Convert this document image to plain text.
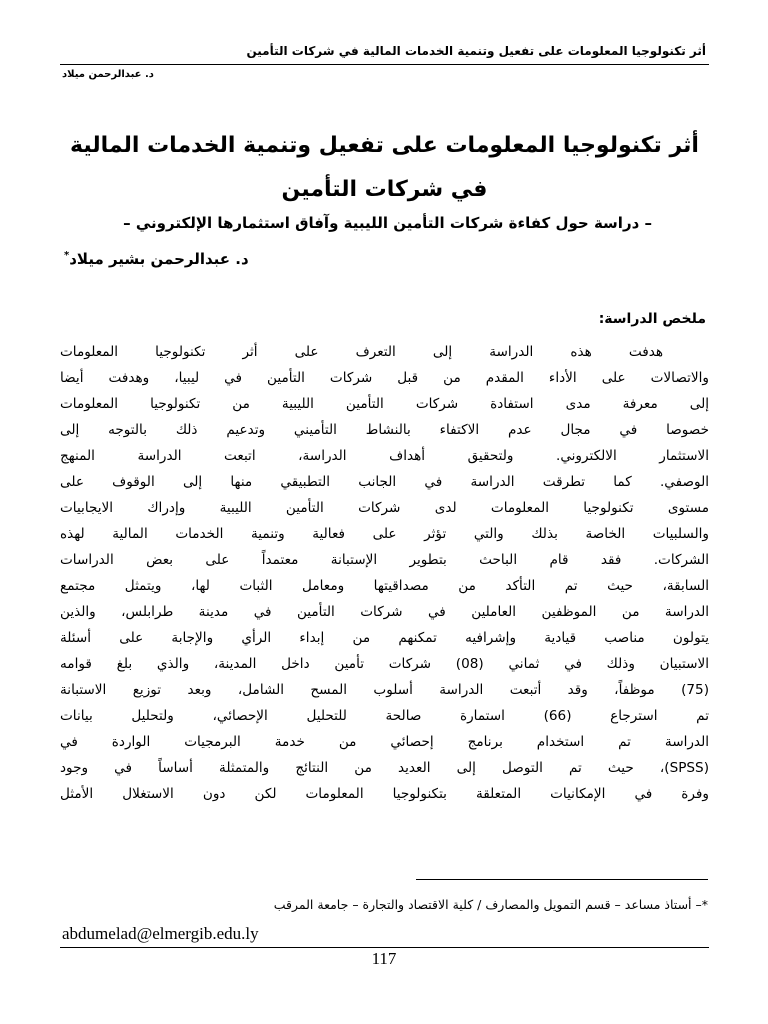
أثر تكنولوجيا المعلومات على تفعيل وتنمية الخدمات المالية في شركات التأمين
د. عبدالرحمن ميلاد
أثر تكنولوجيا المعلومات على تفعيل وتنمية الخدمات المالية
في شركات التأمين
– دراسة حول كفاءة شركات التأمين الليبية وآفاق استثمارها الإلكتروني –
د. عبدالرحمن بشير ميلاد*
ملخص الدراسة:
هدفت هذه الدراسة إلى التعرف على أثر تكنولوجيا المعلومات
والاتصالات على الأداء المقدم من قبل شركات التأمين في ليبيا، وهدفت أيضا
إلى معرفة مدى استفادة شركات التأمين الليبية من تكنولوجيا المعلومات
خصوصا في مجال عدم الاكتفاء بالنشاط التأميني وتدعيم ذلك بالتوجه إلى
الاستثمار الالكتروني. ولتحقيق أهداف الدراسة، اتبعت الدراسة المنهج
الوصفي. كما تطرقت الدراسة في الجانب التطبيقي منها إلى الوقوف على
مستوى تكنولوجيا المعلومات لدى شركات التأمين الليبية وإدراك الايجابيات
والسلبيات الخاصة بذلك والتي تؤثر على فعالية وتنمية الخدمات المالية لهذه
الشركات. فقد قام الباحث بتطوير الإستبانة معتمداً على بعض الدراسات
السابقة، حيث تم التأكد من مصداقيتها ومعامل الثبات لها، ويتمثل مجتمع
الدراسة من الموظفين العاملين في شركات التأمين في مدينة طرابلس، والذين
يتولون مناصب قيادية وإشرافيه تمكنهم من إبداء الرأي والإجابة على أسئلة
الاستبيان وذلك في ثماني (08) شركات تأمين داخل المدينة، والذي بلغ قوامه
(75) موظفاً، وقد أتبعت الدراسة أسلوب المسح الشامل، وبعد توزيع الاستبانة
تم استرجاع (66) استمارة صالحة للتحليل الإحصائي، ولتحليل بيانات
الدراسة تم استخدام برنامج إحصائي من خدمة البرمجيات الواردة في
(SPSS)، حيث تم التوصل إلى العديد من النتائج والمتمثلة أساساً في وجود
وفرة في الإمكانيات المتعلقة بتكنولوجيا المعلومات لكن دون الاستغلال الأمثل
*– أستاذ مساعد – قسم التمويل والمصارف / كلية الاقتصاد والتجارة – جامعة المرقب
abdumelad@elmergib.edu.ly
117
